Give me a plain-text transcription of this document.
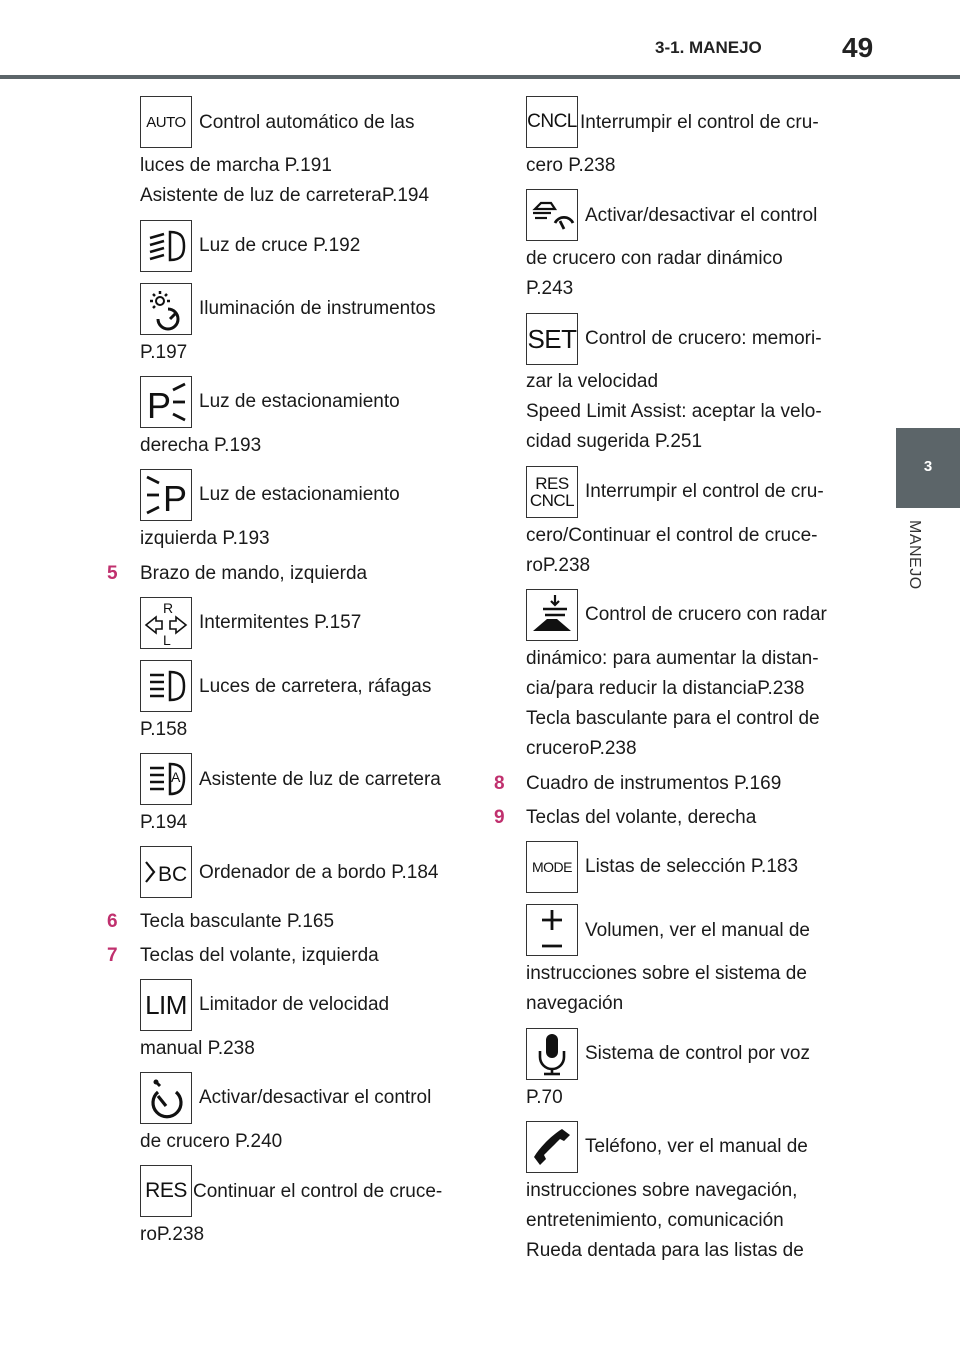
3-1. MANEJO	49
3
MANEJO
AUTO Control automático de las
luces de marcha P.191
Asistente de luz de carreteraP.194
Luz de cruce P.192
Iluminación de instrumentos
P.197
P Luz de estacionamiento
derecha P.193
P Luz de estacionamiento
izquierda P.193
5 Brazo de mando, izquierda
R
L
Intermitentes P.157
Luces de carretera, ráfagas
P.158
A Asistente de luz de carretera
P.194
BC Ordenador de a bordo P.184
6 Tecla basculante P.165
7 Teclas del volante, izquierda
LIM Limitador de velocidad
manual P.238
Activar/desactivar el control
de crucero P.240
RES Continuar el control de cruce-
roP.238
CNCL Interrumpir el control de cru-
cero P.238
Activar/desactivar el control
de crucero con radar dinámico
P.243
SET Control de crucero: memori-
zar la velocidad
Speed Limit Assist: aceptar la velo-
cidad sugerida P.251
RES
CNCL Interrumpir el control de cru-
cero/Continuar el control de cruce-
roP.238
Control de crucero con radar
dinámico: para aumentar la distan-
cia/para reducir la distanciaP.238
Tecla basculante para el control de
cruceroP.238
8 Cuadro de instrumentos P.169
9 Teclas del volante, derecha
MODE Listas de selección P.183
Volumen, ver el manual de
instrucciones sobre el sistema de
navegación
Sistema de control por voz
P.70
Teléfono, ver el manual de
instrucciones sobre navegación,
entretenimiento, comunicación
Rueda dentada para las listas de
